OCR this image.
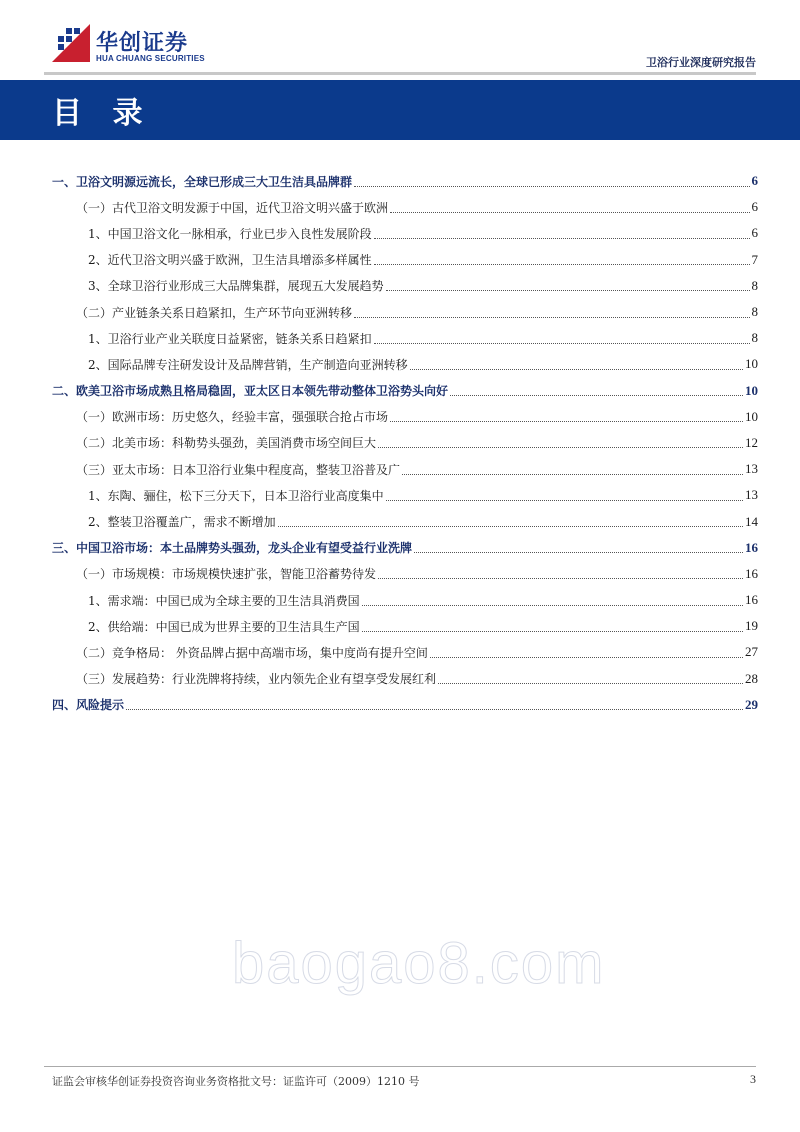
华创证券
HUA CHUANG SECURITIES	卫浴行业深度研究报告
目 录
一、卫浴文明源远流长，全球已形成三大卫生洁具品牌群	6
（一）古代卫浴文明发源于中国，近代卫浴文明兴盛于欧洲	6
1、中国卫浴文化一脉相承，行业已步入良性发展阶段	6
2、近代卫浴文明兴盛于欧洲，卫生洁具增添多样属性	7
3、全球卫浴行业形成三大品牌集群，展现五大发展趋势	8
（二）产业链条关系日趋紧扣，生产环节向亚洲转移	8
1、卫浴行业产业关联度日益紧密，链条关系日趋紧扣	8
2、国际品牌专注研发设计及品牌营销，生产制造向亚洲转移	10
二、欧美卫浴市场成熟且格局稳固，亚太区日本领先带动整体卫浴势头向好	10
（一）欧洲市场：历史悠久，经验丰富，强强联合抢占市场	10
（二）北美市场：科勒势头强劲，美国消费市场空间巨大	12
（三）亚太市场：日本卫浴行业集中程度高，整装卫浴普及广	13
1、东陶、骊住，松下三分天下，日本卫浴行业高度集中	13
2、整装卫浴覆盖广，需求不断增加	14
三、中国卫浴市场：本土品牌势头强劲，龙头企业有望受益行业洗牌	16
（一）市场规模：市场规模快速扩张，智能卫浴蓄势待发	16
1、需求端：中国已成为全球主要的卫生洁具消费国	16
2、供给端：中国已成为世界主要的卫生洁具生产国	19
（二）竞争格局： 外资品牌占据中高端市场，集中度尚有提升空间	27
（三）发展趋势：行业洗牌将持续，业内领先企业有望享受发展红利	28
四、风险提示	29
baogao8.com
证监会审核华创证券投资咨询业务资格批文号：证监许可（2009）1210 号	3
